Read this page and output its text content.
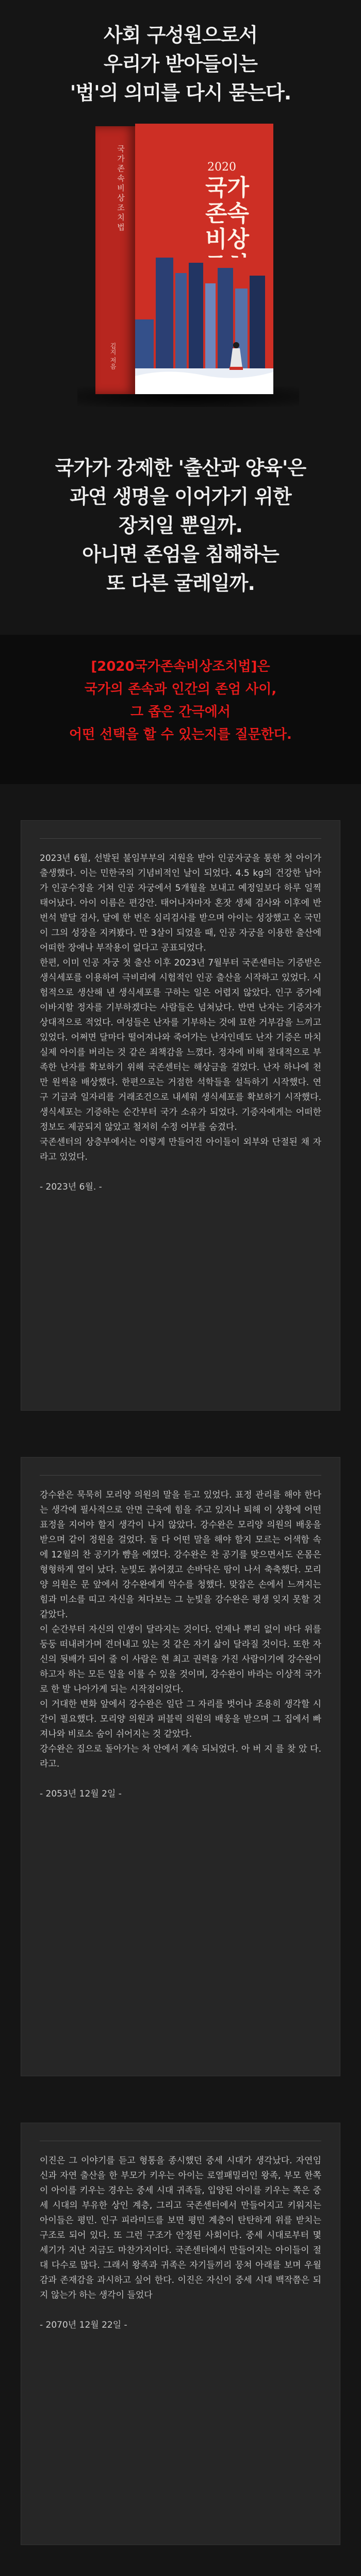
사회 구성원으로서
우리가 받아들이는
'법'의 의미를 다시 묻는다.
국가존속비상조치법
김지 저음
2020
국가
존속
비상
국가가 강제한 '출산과 양육'은
과연 생명을 이어가기 위한
장치일 뿐일까.
아니면 존엄을 침해하는
또 다른 굴레일까.
[2020국가존속비상조치법]은
국가의 존속과 인간의 존엄 사이,
그 좁은 간극에서
어떤 선택을 할 수 있는지를 질문한다.

2023년 6월, 선발된 불임부부의 지원을 받아 인공자궁을 통한 첫 아이가 출생했다. 이는 민한국의 기념비적인 날이 되었다. 4.5 kg의 건강한 남아가 인공수정을 거쳐 인공 자궁에서 5개월을 보내고 예정일보다 하루 일찍 태어났다. 아이 이름은 편강안. 태어나자마자 혼잣 생체 검사와 이후에 반 번석 발달 검사, 달에 한 번은 심리검사를 받으며 아이는 성장했고 온 국민이 그의 성장을 지켜봤다. 만 3살이 되었을 때, 인공 자궁을 이용한 출산에 어떠한 장애나 부작용이 없다고 공표되었다.

한편, 이미 인공 자궁 첫 출산 이후 2023년 7월부터 국존센터는 기증받은 생식세포를 이용하여 극비리에 시험적인 인공 출산을 시작하고 있었다. 시험적으로 생산해 낸 생식세포를 구하는 일은 어렵지 않았다. 인구 증가에 이바지할 정자를 기부하겠다는 사람들은 넘쳐났다. 반면 난자는 기증자가 상대적으로 적었다. 여성들은 난자를 기부하는 것에 묘한 거부감을 느끼고 있었다. 어쩌면 달마다 떨어져나와 죽어가는 난자인데도 난자 기증은 마치 실제 아이를 버리는 것 같은 죄책감을 느꼈다. 정자에 비해 절대적으로 부족한 난자를 확보하기 위해 국존센터는 해상금을 걸었다. 난자 하나에 천만 원씩을 배상했다. 한편으로는 거점한 석학들을 설득하기 시작했다. 연구 기금과 일자리를 거래조건으로 내세워 생식세포를 확보하기 시작했다. 생식세포는 기증하는 순간부터 국가 소유가 되었다. 기증자에게는 어떠한 정보도 제공되지 않았고 철저히 수정 어부를 숨겼다.

국존센터의 상층부에서는 이렇게 만들어진 아이들이 외부와 단절된 채 자라고 있었다.

- 2023년 6월. -

강수완은 묵묵히 모리양 의원의 말을 듣고 있었다. 표정 관리를 해야 한다는 생각에 필사적으로 안면 근육에 힘을 주고 있지나 퇴해 이 상황에 어떤 표정을 지어야 할지 생각이 나지 않았다. 강수완은 모리양 의원의 배웅을 받으며 같이 정원을 걸었다. 둘 다 어떤 말을 해야 할지 모르는 어색함 속에 12월의 찬 공기가 뺨을 에였다. 강수완은 찬 공기를 맞으면서도 온몸은 형형하게 열이 났다. 눈빛도 붉어졌고 손바닥은 땀이 나서 축축했다. 모리양 의원은 문 앞에서 강수완에게 악수를 청했다. 맞잡은 손에서 느껴지는 힘과 미소를 띠고 자신을 쳐다보는 그 눈빛을 강수완은 평생 잊지 못할 것 같았다.

이 순간부터 자신의 인생이 달라지는 것이다. 언제나 뿌리 없이 바다 위를 둥둥 떠내려가며 견뎌내고 있는 것 같은 자기 삶이 달라질 것이다. 또한 자신의 뒷배가 되어 줄 이 사람은 현 최고 권력을 가진 사람이기에 강수완이 하고자 하는 모든 일을 이룰 수 있을 것이며, 강수완이 바라는 이상적 국가로 한 발 나아가게 되는 시작점이었다.

이 거대한 변화 앞에서 강수완은 일단 그 자리를 벗어나 조용히 생각할 시간이 필요했다. 모리양 의원과 퍼블릭 의원의 배웅을 받으며 그 집에서 빠져나와 비로소 숨이 쉬어지는 것 같았다.

강수완은 집으로 돌아가는 차 안에서 계속 되뇌었다. 아 버 지 를 찾 았 다. 라고.

- 2053년 12월 2일 -

이진은 그 이야기를 듣고 형통을 종시했던 중세 시대가 생각났다. 자연임신과 자연 출산을 한 부모가 키우는 아이는 로열패밀리인 왕족, 부모 한쪽이 아이를 키우는 경우는 중세 시대 귀족들, 입양된 아이를 키우는 쪽은 중세 시대의 부유한 상인 계층, 그리고 국존센터에서 만들어지고 키워지는 아이들은 평민. 인구 피라미드를 보면 평민 계층이 탄탄하게 위를 받치는 구조로 되어 있다. 또 그런 구조가 안정된 사회이다. 중세 시대로부터 몇 세기가 지난 지금도 마찬가지이다. 국존센터에서 만들어지는 아이들이 절대 다수로 많다. 그래서 왕족과 귀족은 자기들끼리 뭉쳐 아래를 보며 우월감과 존재감을 과시하고 싶어 한다. 이진은 자신이 중세 시대 백작쯤은 되지 않는가 하는 생각이 들었다

- 2070년 12월 22일 -
